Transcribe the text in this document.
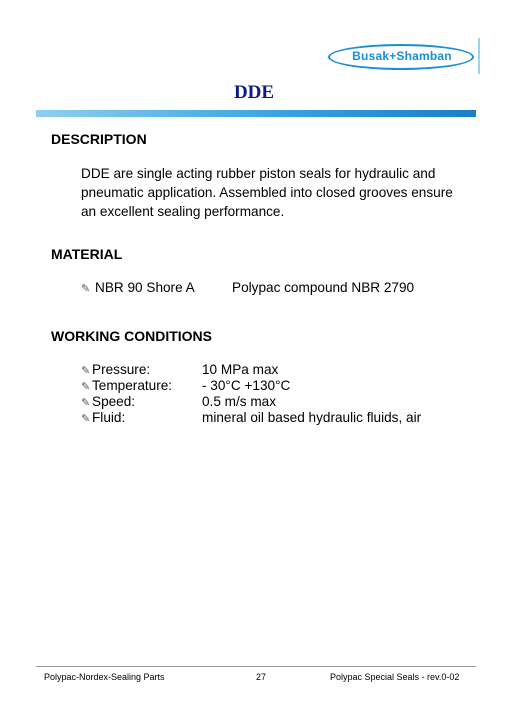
Busak+Shamban
DDE
DESCRIPTION
DDE are single acting rubber piston seals for hydraulic and
pneumatic application. Assembled into closed grooves ensure
an excellent sealing performance.
MATERIAL
✎ NBR 90 Shore A	Polypac compound NBR 2790
WORKING CONDITIONS
✎ Pressure:	10 MPa max
✎ Temperature: - 30°C +130°C
✎ Speed:	0.5 m/s max
✎ Fluid:	mineral oil based hydraulic fluids, air
Polypac-Nordex-Sealing Parts	27	Polypac Special Seals - rev.0-02
